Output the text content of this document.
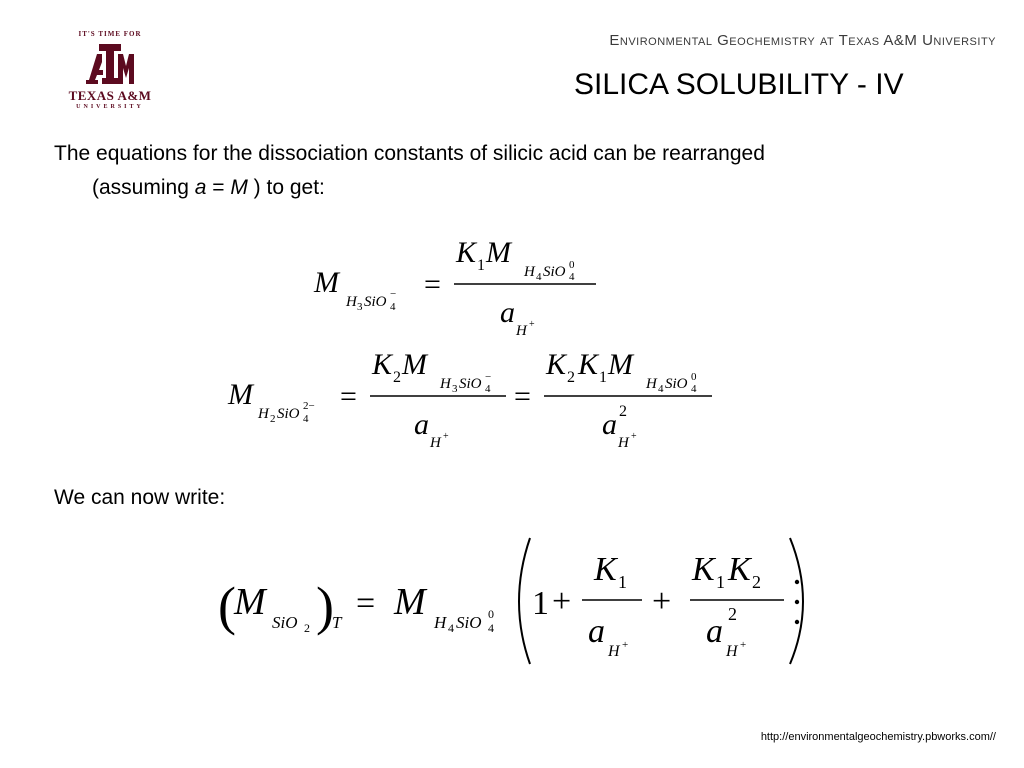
IT'S TIME FOR
TEXAS A&M
UNIVERSITY
Environmental Geochemistry at Texas A&M University
SILICA SOLUBILITY - IV
The equations for the dissociation constants of silicic acid can be rearranged
(assuming a = M ) to get:
M
H 3 SiO 4
− =
K 1 M
H 4 SiO 4
0
a
H +
M
H 2 SiO 4
2− =
K 2 M
H 3 SiO 4
−
a
H +
=
K 2 K 1 M
H 4 SiO 4
0
a 2
H +
We can now write:
(
M SiO 2 )
T
= M H 4 SiO 4
0 1 +
K 1
a
H +
+
K 1 K 2
a 2
H +
http://environmentalgeochemistry.pbworks.com//
